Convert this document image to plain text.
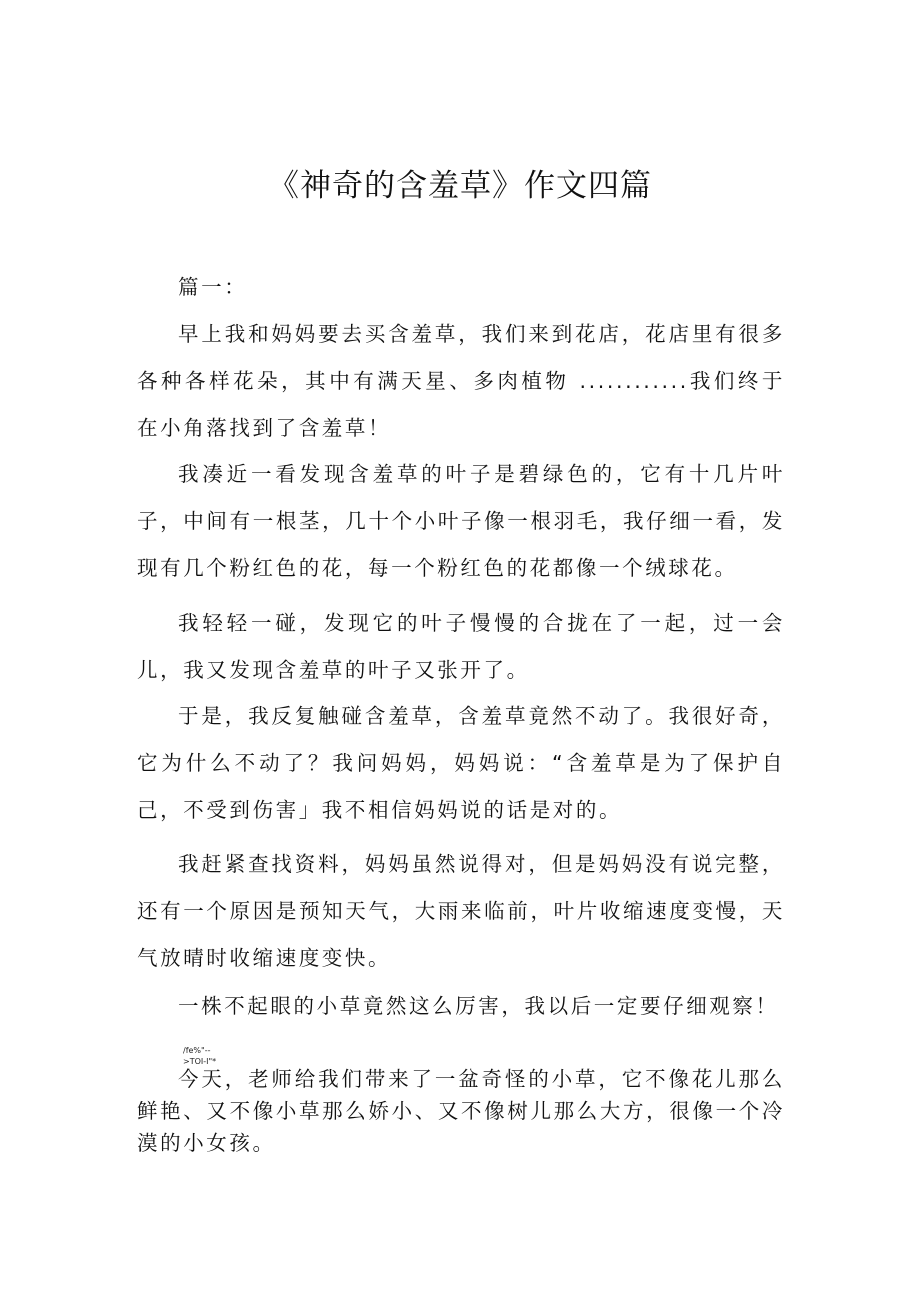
《神奇的含羞草》作文四篇

篇一：

早上我和妈妈要去买含羞草，我们来到花店，花店里有很多各种各样花朵，其中有满天星、多肉植物 ............我们终于在小角落找到了含羞草！

我凑近一看发现含羞草的叶子是碧绿色的，它有十几片叶子，中间有一根茎，几十个小叶子像一根羽毛，我仔细一看，发现有几个粉红色的花，每一个粉红色的花都像一个绒球花。

我轻轻一碰，发现它的叶子慢慢的合拢在了一起，过一会儿，我又发现含羞草的叶子又张开了。

于是，我反复触碰含羞草，含羞草竟然不动了。我很好奇，它为什么不动了？我问妈妈，妈妈说：“含羞草是为了保护自己，不受到伤害」我不相信妈妈说的话是对的。

我赶紧查找资料，妈妈虽然说得对，但是妈妈没有说完整，还有一个原因是预知天气，大雨来临前，叶片收缩速度变慢，天气放晴时收缩速度变快。

一株不起眼的小草竟然这么厉害，我以后一定要仔细观察！

/fe%"--
>TOI-I"*

今天，老师给我们带来了一盆奇怪的小草，它不像花儿那么鲜艳、又不像小草那么娇小、又不像树儿那么大方，很像一个冷漠的小女孩。
